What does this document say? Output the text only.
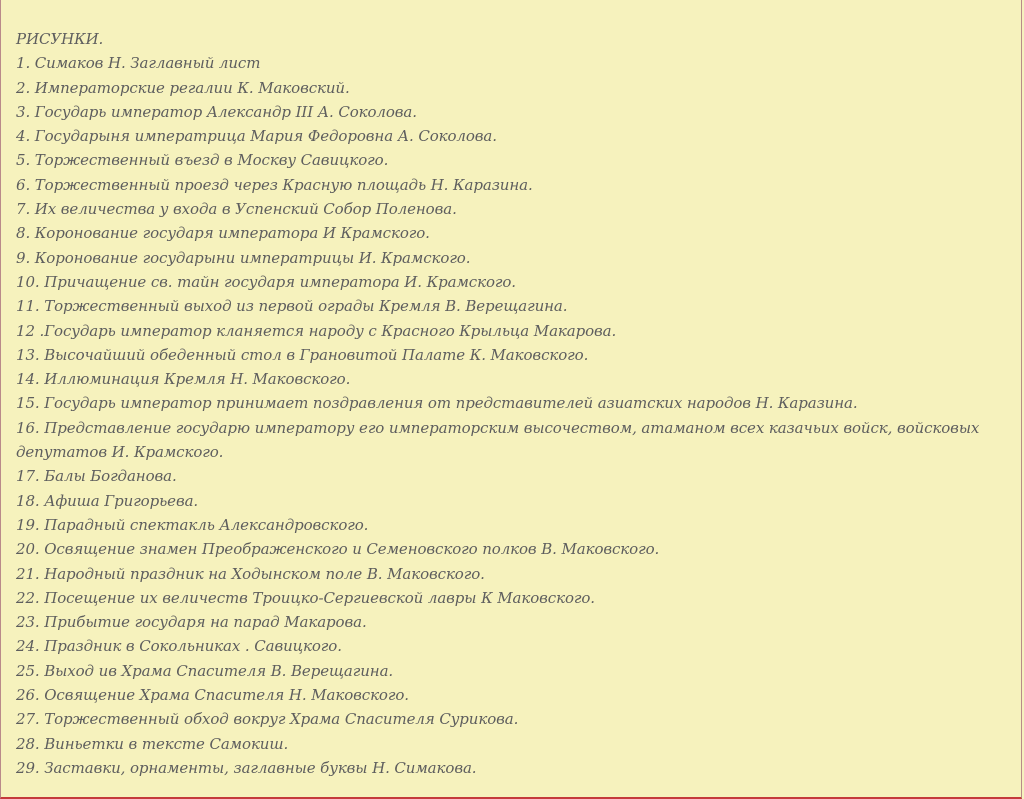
РИСУНКИ.
1. Симаков Н. Заглавный лист
2. Императорские регалии К. Маковский.
3. Государь император Александр III А. Соколова.
4. Государыня императрица Мария Федоровна А. Соколова.
5. Торжественный въезд в Москву Савицкого.
6. Торжественный проезд через Красную площадь Н. Каразина.
7. Их величества у входа в Успенский Собор Поленова.
8. Коронование государя императора И Крамского.
9. Коронование государыни императрицы И. Крамского.
10. Причащение св. тайн государя императора И. Крамского.
11. Торжественный выход из первой ограды Кремля В. Верещагина.
12 .Государь император кланяется народу с Красного Крыльца Макарова.
13. Высочайший обеденный стол в Грановитой Палате К. Маковского.
14. Иллюминация Кремля Н. Маковского.
15. Государь император принимает поздравления от представителей азиатских народов Н. Каразина.
16. Представление государю императору его императорским высочеством, атаманом всех казачьих войск, войсковых депутатов И. Крамского.
17. Балы Богданова.
18. Афиша Григорьева.
19. Парадный спектакль Александровского.
20. Освящение знамен Преображенского и Семеновского полков В. Маковского.
21. Народный праздник на Ходынском поле В. Маковского.
22. Посещение их величеств Троицко-Сергиевской лавры К Маковского.
23. Прибытие государя на парад Макарова.
24. Праздник в Сокольниках . Савицкого.
25. Выход ив Храма Спасителя В. Верещагина.
26. Освящение Храма Спасителя Н. Маковского.
27. Торжественный обход вокруг Храма Спасителя Сурикова.
28. Виньетки в тексте Самокиш.
29. Заставки, орнаменты, заглавные буквы Н. Симакова.
